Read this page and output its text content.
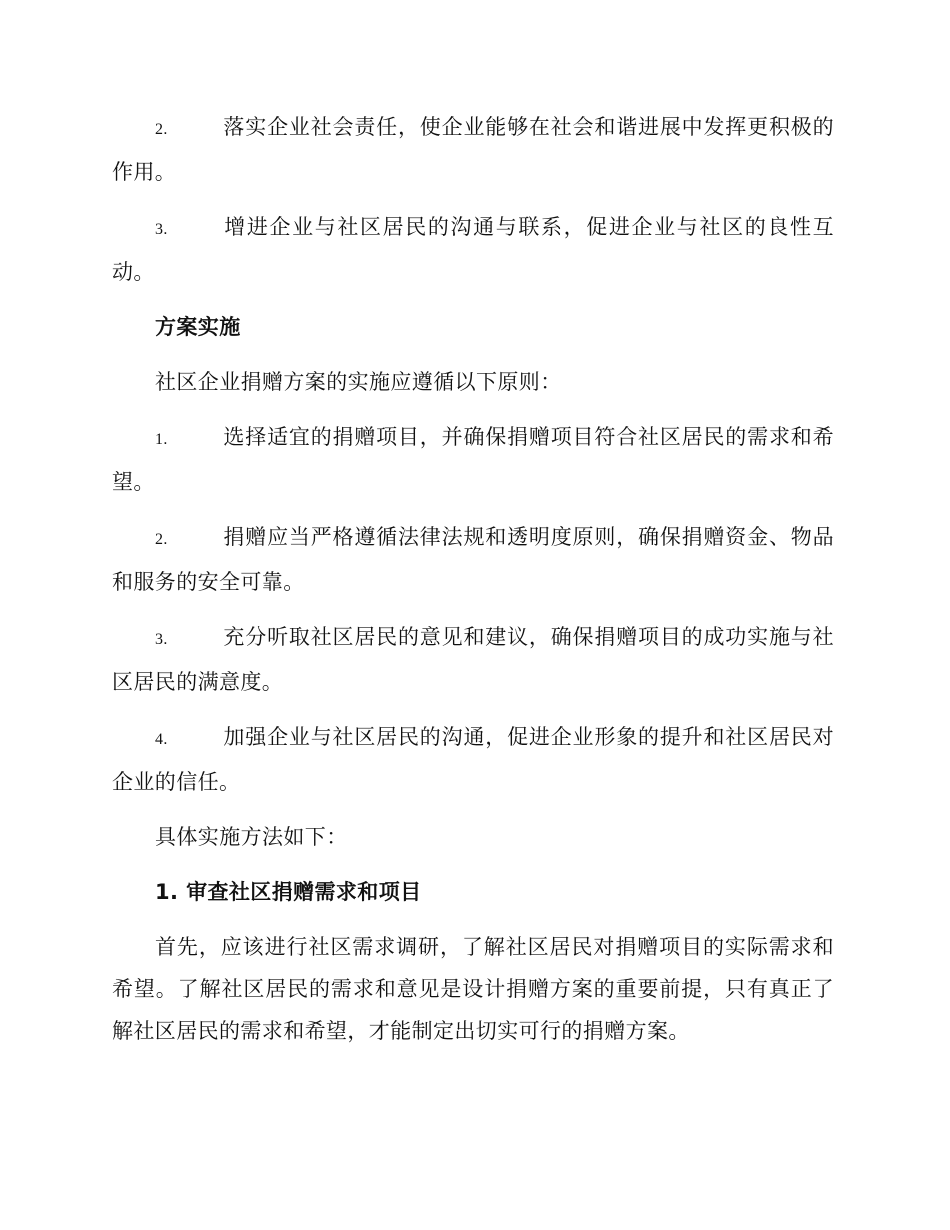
2.	落实企业社会责任，使企业能够在社会和谐进展中发挥更积极的作用。

3.	增进企业与社区居民的沟通与联系，促进企业与社区的良性互动。

方案实施

社区企业捐赠方案的实施应遵循以下原则：

1.	选择适宜的捐赠项目，并确保捐赠项目符合社区居民的需求和希望。

2.	捐赠应当严格遵循法律法规和透明度原则，确保捐赠资金、物品和服务的安全可靠。

3.	充分听取社区居民的意见和建议，确保捐赠项目的成功实施与社区居民的满意度。

4.	加强企业与社区居民的沟通，促进企业形象的提升和社区居民对企业的信任。

具体实施方法如下：

1. 审查社区捐赠需求和项目

首先，应该进行社区需求调研，了解社区居民对捐赠项目的实际需求和希望。了解社区居民的需求和意见是设计捐赠方案的重要前提，只有真正了解社区居民的需求和希望，才能制定出切实可行的捐赠方案。
